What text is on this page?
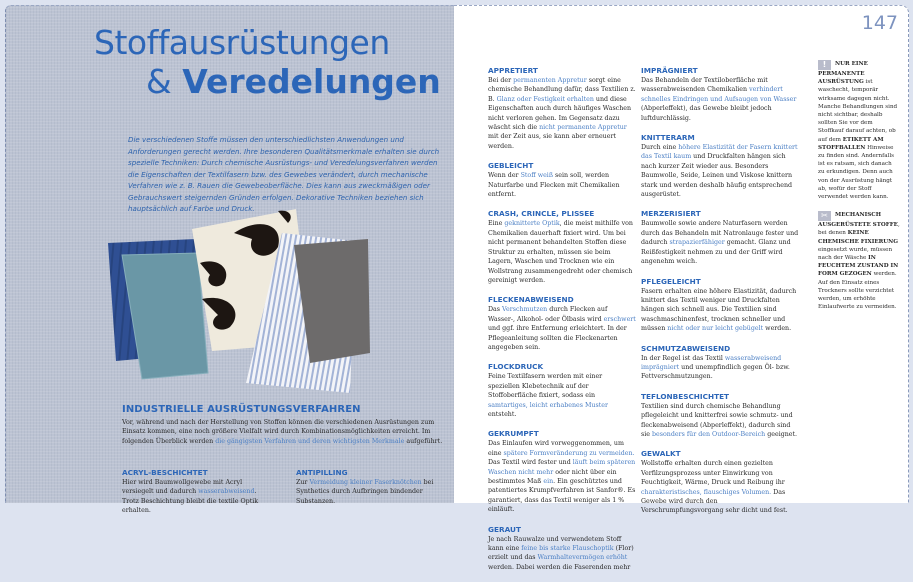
Stoffausrüstungen
& Veredelungen

Die verschiedenen Stoffe müssen den unterschiedlichsten Anwendungen und Anforderungen gerecht werden. Ihre besonderen Qualitätsmerkmale erhalten sie durch spezielle Techniken: Durch chemische Ausrüstungs- und Veredelungsverfahren werden die Eigenschaften der Textilfasern bzw. des Gewebes verändert, durch mechanische Verfahren wie z. B. Rauen die Gewebeoberfläche. Dies kann aus zweckmäßigen oder Gebrauchswert steigernden Gründen erfolgen. Dekorative Techniken beziehen sich hauptsächlich auf Farbe und Druck.

147
INDUSTRIELLE AUSRÜSTUNGSVERFAHREN

Vor, während und nach der Herstellung von Stoffen können die verschiedenen Ausrüstungen zum Einsatz kommen, eine noch größere Vielfalt wird durch Kombinationsmöglichkeiten erreicht. Im folgenden Überblick werden die gängigsten Verfahren und deren wichtigsten Merkmale aufgeführt.

ACRYL-BESCHICHTET

Hier wird Baumwollgewebe mit Acryl versiegelt und dadurch wasserabweisend. Trotz Beschichtung bleibt die textile Optik erhalten.

ANTIPILLING

Zur Vermeidung kleiner Faserknötchen bei Synthetics durch Aufbringen bindender Substanzen.

APPRETIERT

Bei der permanenten Appretur sorgt eine chemische Behandlung dafür, dass Textilien z. B. Glanz oder Festigkeit erhalten und diese Eigenschaften auch durch häufiges Waschen nicht verloren gehen. Im Gegensatz dazu wäscht sich die nicht permanente Appretur mit der Zeit aus, sie kann aber erneuert werden.

GEBLEICHT

Wenn der Stoff weiß sein soll, werden Naturfarbe und Flecken mit Chemikalien entfernt.

CRASH, CRINCLE, PLISSEE

Eine geknitterte Optik, die meist mithilfe von Chemikalien dauerhaft fixiert wird. Um bei nicht permanent behandelten Stoffen diese Struktur zu erhalten, müssen sie beim Lagern, Waschen und Trocknen wie ein Wollstrang zusammengedreht oder chemisch gereinigt werden.

FLECKENABWEISEND

Das Verschmutzen durch Flecken auf Wasser-, Alkohol- oder Ölbasis wird erschwert und ggf. ihre Entfernung erleichtert. In der Pflegeanleitung sollten die Fleckenarten angegeben sein.

FLOCKDRUCK

Feine Textilfasern werden mit einer speziellen Klebetechnik auf der Stoffoberfläche fixiert, sodass ein samtartiges, leicht erhabenes Muster entsteht.

GEKRUMPFT

Das Einlaufen wird vorweggenommen, um eine spätere Formveränderung zu vermeiden. Das Textil wird fester und läuft beim späteren Waschen nicht mehr oder nicht über ein bestimmtes Maß ein. Ein geschütztes und patentiertes Krumpfverfahren ist Sanfor®. Es garantiert, dass das Textil weniger als 1 % einläuft.

GERAUT

Je nach Rauwalze und verwendetem Stoff kann eine feine bis starke Flauschoptik (Flor) erzielt und das Warmhaltevermögen erhöht werden. Dabei werden die Faserenden mehr

IMPRÄGNIERT

Das Behandeln der Textiloberfläche mit wasserabweisenden Chemikalien verhindert schnelles Eindringen und Aufsaugen von Wasser (Abperleffekt), das Gewebe bleibt jedoch luftdurchlässig.

KNITTERARM

Durch eine höhere Elastizität der Fasern knittert das Textil kaum und Druckfalten hängen sich nach kurzer Zeit wieder aus. Besonders Baumwolle, Seide, Leinen und Viskose knittern stark und werden deshalb häufig entsprechend ausgerüstet.

MERZERISIERT

Baumwolle sowie andere Naturfasern werden durch das Behandeln mit Natronlauge fester und dadurch strapazierfähiger gemacht. Glanz und Reißfestigkeit nehmen zu und der Griff wird angenehm weich.

PFLEGELEICHT

Fasern erhalten eine höhere Elastizität, dadurch knittert das Textil weniger und Druckfalten hängen sich schnell aus. Die Textilien sind waschmaschinenfest, trocknen schneller und müssen nicht oder nur leicht gebügelt werden.

SCHMUTZABWEISEND

In der Regel ist das Textil wasserabweisend imprägniert und unempfindlich gegen Öl- bzw. Fettverschmutzungen.

TEFLONBESCHICHTET

Textilien sind durch chemische Behandlung pflegeleicht und knitterfrei sowie schmutz- und fleckenabweisend (Abperleffekt), dadurch sind sie besonders für den Outdoor-Bereich geeignet.

GEWALKT

Wollstoffe erhalten durch einen gezielten Verfilzungsprozess unter Einwirkung von Feuchtigkeit, Wärme, Druck und Reibung ihr charakteristisches, flauschiges Volumen. Das Gewebe wird durch den Verschrumpfungsvorgang sehr dicht und fest.

! NUR EINE PERMANENTE AUSRÜSTUNG ist waschecht, temporär wirksame dagegen nicht. Manche Behandlungen sind nicht sichtbar, deshalb sollten Sie vor dem Stoffkauf darauf achten, ob auf dem ETIKETT AM STOFFBALLEN Hinweise zu finden sind. Andernfalls ist es ratsam, sich danach zu erkundigen. Denn auch von der Ausrüstung hängt ab, wofür der Stoff verwendet werden kann.

✂ MECHANISCH AUSGERÜSTETE STOFFE, bei denen KEINE CHEMISCHE FIXIERUNG eingesetzt wurde, müssen nach der Wäsche IN FEUCHTEM ZUSTAND IN FORM GEZOGEN werden. Auf den Einsatz eines Trockners sollte verzichtet werden, um erhöhte Einlaufwerte zu vermeiden.
